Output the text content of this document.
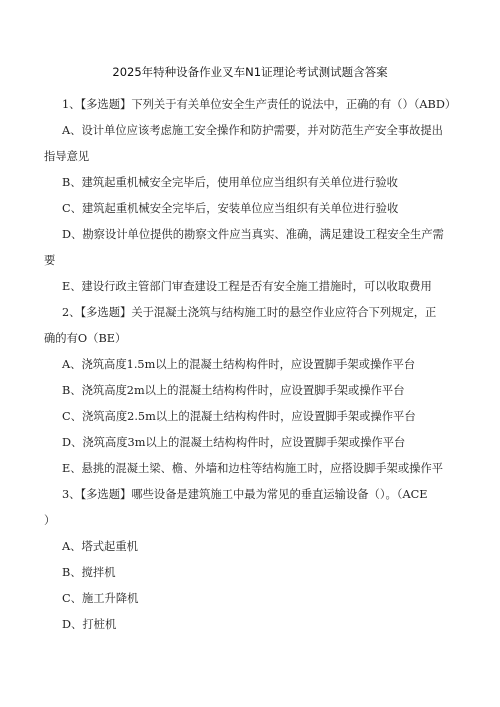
2025年特种设备作业叉车N1证理论考试测试题含答案
1、【多选题】下列关于有关单位安全生产责任的说法中，正确的有（）（ABD）
A、设计单位应该考虑施工安全操作和防护需要，并对防范生产安全事故提出
指导意见
B、建筑起重机械安全完毕后，使用单位应当组织有关单位进行验收
C、建筑起重机械安全完毕后，安装单位应当组织有关单位进行验收
D、勘察设计单位提供的勘察文件应当真实、准确，满足建设工程安全生产需
要
E、建设行政主管部门审查建设工程是否有安全施工措施时，可以收取费用
2、【多选题】关于混凝土浇筑与结构施工时的悬空作业应符合下列规定，正
确的有O（BE）
A、浇筑高度1.5m以上的混凝土结构构件时，应设置脚手架或操作平台
B、浇筑高度2m以上的混凝土结构构件时，应设置脚手架或操作平台
C、浇筑高度2.5m以上的混凝土结构构件时，应设置脚手架或操作平台
D、浇筑高度3m以上的混凝土结构构件时，应设置脚手架或操作平台
E、悬挑的混凝土梁、檐、外墙和边柱等结构施工时，应搭设脚手架或操作平
3、【多选题】哪些设备是建筑施工中最为常见的垂直运输设备（）。（ACE
）
A、塔式起重机
B、搅拌机
C、施工升降机
D、打桩机
